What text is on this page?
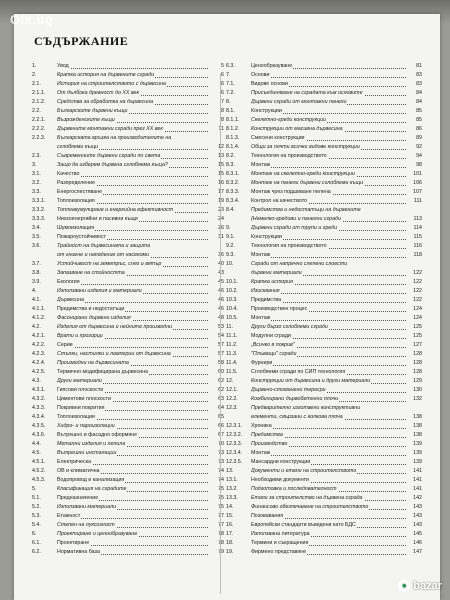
СЪДЪРЖАНИЕ
1.	Увод	5
2.	Кратка история на дървените сгради	6
2.1.	История на строителството с дървесина	6
2.1.1.	От дълбока древност до XX век	6
2.1.2.	Средства за обработка на дървесина	7
2.2.	Българските дървени къщи	8
2.2.1.	Възрожденските къщи	8
2.2.2.	Дървените монтажни сгради през XX век	11
2.2.3.	Българската връзка на производителите на
сглобяеми къщи	12
2.3.	Съвременните дървени сгради по света	13
3.	Защо да изберем дървена сглобяема къща?	15
3.1.	Качество	15
3.2.	Разпределение	16
3.3.	Енергоспестяване	17
3.3.1.	Топлоизолация	19
3.3.2.	Топлоакумулиране и енергийна ефективност	23
3.3.3.	Нискоенергийни и пасивни къщи	24
3.4.	Шумоизолация	26
3.5.	Пожароустойчивост	31
3.6.	Трайност на дървесината и защита
от гниене и нападение от насекоми	36
3.7.	Устойчивост на земетръс, сняг и вятър	40
3.8.	Запазване на стойността	43
3.9.	Екология	45
4.	Използвани изделия и материали	46
4.1.	Дървесина	46
4.1.1.	Предимства и недостатъци	46
4.1.2.	Фасонирани дървени изделия	48
4.2.	Изделия от дървесина и нейните производни	53
4.2.1.	Врати и прозорци	54
4.2.2.	Серии	57
4.2.3.	Стъпки, настилки и ламперии от дървесина	57
4.2.4.	Производни на дървесината	58
4.2.5.	Термично модифицирана дървесина	60
4.3.	Други материали	62
4.3.1.	Гипсови плоскости	62
4.3.2.	Циментови плоскости	63
4.3.3.	Покривни покрития	64
4.3.4.	Топлоизолации	65
4.3.5.	Хидро- и пароизолации	66
4.3.6.	Вътрешно и фасадно оформяне	67
4.4.	Метални изделия и лепила	70
4.5.	Вътрешни инсталации	73
4.5.1.	Електрическа	73
4.5.2.	ОВ и климатична	74
4.5.3.	Водопровод и канализация	74
5.	Класификация на сградите	75
5.1.	Предназначение	75
5.2.	Използвани материали	75
5.3.	Етажност	77
5.4.	Степен на луксозност	77
6.	Проектиране и ценообразуване	78
6.1.	Проектиране	78
6.2.	Нормативна база	79
6.3.	Ценообразуване	81
7.	Основи	83
7.1.	Видове основи	83
7.2.	Присъединяване на сградата към основите	84
8.	Дървени сгради от монтажни панели	84
8.1.	Конструкции	85
8.1.1.	Скелетно-греди конструкции	85
8.1.2.	Конструкции от масивна дървесина	86
8.1.3.	Смесени конструкции	89
8.1.4.	Общи за почти всички видове конструкции	92
8.2.	Технология на производството	94
8.3.	Монтаж	98
8.3.1.	Монтаж на скелетно-греди конструкции	101
8.3.2.	Монтаж на панели дървени сглобяеми къщи	106
8.3.3.	Монтаж чрез подшиване пелена	107
8.3.4.	Контрол на качеството	111
8.4.	Предимства и недостатъци на дървените
(Немелко-гредови и панелни сгради	113
9.	Дървени сгради от трупи и греди	114
9.1.	Конструкции	115
9.2.	Технология на производството	116
9.3.	Монтаж	118
10.	Сгради от напречно слепени слоести
дървени материали	122
10.1.	Кратка история	122
10.2.	Изисквания	122
10.3.	Предимства	122
10.4.	Производствен процес	124
10.5.	Монтаж	124
11.	Други бързо сглобяеми сгради	125
11.1.	Модулни сгради	125
11.2.	„Всичко в покрив"	127
11.3.	"Плъващи" сгради	128
11.4.	Фурнири	128
11.5.	Сглобяеми сгради по СИП технология	128
12.	Конструкции от дървесина и други материали	129
12.1.	Дървено-стоманени тересри	130
12.2.	Комбинирани дървобетонни плочи	132
12.3.	Предварително изготвени конструктивни
елементи, свързани с колкова плоча	138
12.3.1.	Хроника	138
12.3.2.	Предимства	138
12.3.3.	Производство	139
12.3.4.	Монтаж	139
12.3.5.	Мансардни конструкции	139
13.	Документи и етапи на строителството	141
13.1.	Необходими документи	141
13.2.	Подготовка и последователност	141
13.3.	Етапи за строителство на дървена сграда	142
14.	Финансово обезпечаване на строителството	143
15.	Позовавания	143
16.	Европейски стандарти въведени като БДС	143
17.	Използвана литература	145
18.	Термини и съкращения	146
19.	Фирмено представяне	147
Olx.bg
● bazar
